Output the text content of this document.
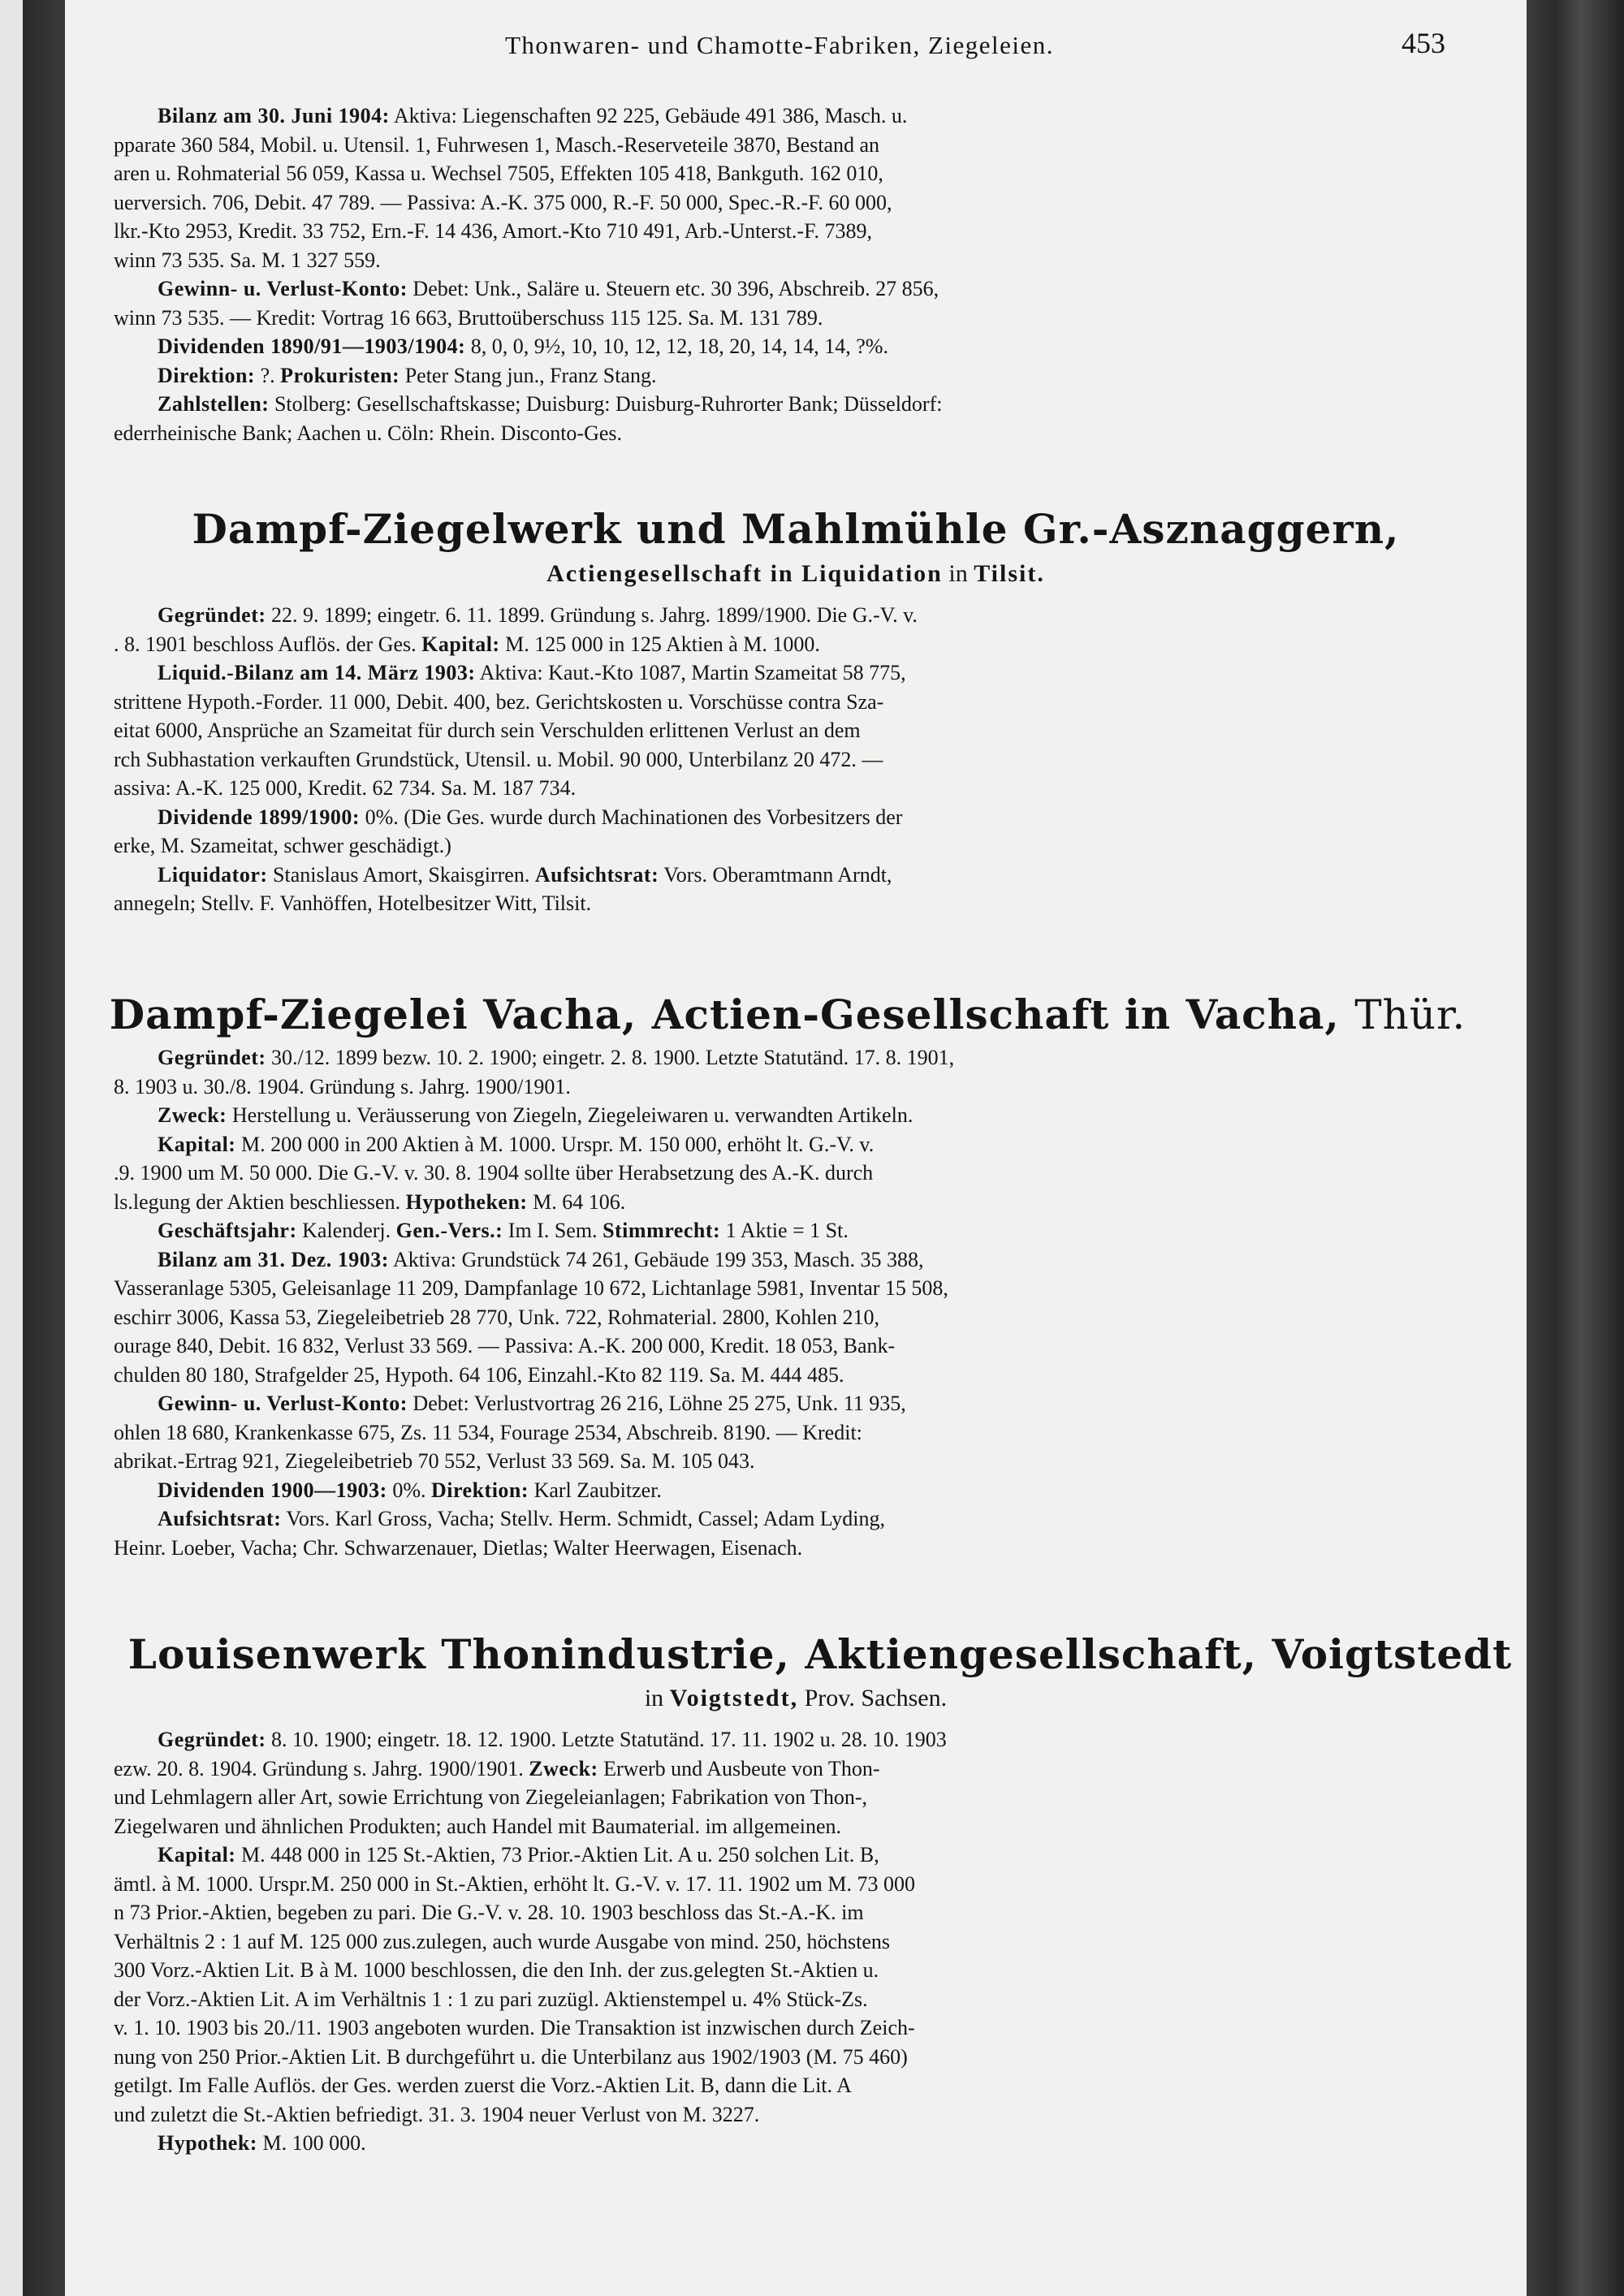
Thonwaren- und Chamotte-Fabriken, Ziegeleien.	453

Bilanz am 30. Juni 1904: Aktiva: Liegenschaften 92 225, Gebäude 491 386, Masch. u.

pparate 360 584, Mobil. u. Utensil. 1, Fuhrwesen 1, Masch.-Reserveteile 3870, Bestand an

aren u. Rohmaterial 56 059, Kassa u. Wechsel 7505, Effekten 105 418, Bankguth. 162 010,

uerversich. 706, Debit. 47 789. — Passiva: A.-K. 375 000, R.-F. 50 000, Spec.-R.-F. 60 000,

lkr.-Kto 2953, Kredit. 33 752, Ern.-F. 14 436, Amort.-Kto 710 491, Arb.-Unterst.-F. 7389,

winn 73 535. Sa. M. 1 327 559.

Gewinn- u. Verlust-Konto: Debet: Unk., Saläre u. Steuern etc. 30 396, Abschreib. 27 856,

winn 73 535. — Kredit: Vortrag 16 663, Bruttoüberschuss 115 125. Sa. M. 131 789.

Dividenden 1890/91—1903/1904: 8, 0, 0, 9½, 10, 10, 12, 12, 18, 20, 14, 14, 14, ?%.

Direktion: ?. Prokuristen: Peter Stang jun., Franz Stang.

Zahlstellen: Stolberg: Gesellschaftskasse; Duisburg: Duisburg-Ruhrorter Bank; Düsseldorf:

ederrheinische Bank; Aachen u. Cöln: Rhein. Disconto-Ges.

Dampf-Ziegelwerk und Mahlmühle Gr.-Asznaggern,
Actiengesellschaft in Liquidation in Tilsit.

Gegründet: 22. 9. 1899; eingetr. 6. 11. 1899. Gründung s. Jahrg. 1899/1900. Die G.-V. v.

. 8. 1901 beschloss Auflös. der Ges. Kapital: M. 125 000 in 125 Aktien à M. 1000.

Liquid.-Bilanz am 14. März 1903: Aktiva: Kaut.-Kto 1087, Martin Szameitat 58 775,

strittene Hypoth.-Forder. 11 000, Debit. 400, bez. Gerichtskosten u. Vorschüsse contra Sza-

eitat 6000, Ansprüche an Szameitat für durch sein Verschulden erlittenen Verlust an dem

rch Subhastation verkauften Grundstück, Utensil. u. Mobil. 90 000, Unterbilanz 20 472. —

assiva: A.-K. 125 000, Kredit. 62 734. Sa. M. 187 734.

Dividende 1899/1900: 0%. (Die Ges. wurde durch Machinationen des Vorbesitzers der

erke, M. Szameitat, schwer geschädigt.)

Liquidator: Stanislaus Amort, Skaisgirren. Aufsichtsrat: Vors. Oberamtmann Arndt,

annegeln; Stellv. F. Vanhöffen, Hotelbesitzer Witt, Tilsit.

Dampf-Ziegelei Vacha, Actien-Gesellschaft in Vacha, Thür.

Gegründet: 30./12. 1899 bezw. 10. 2. 1900; eingetr. 2. 8. 1900. Letzte Statutänd. 17. 8. 1901,

8. 1903 u. 30./8. 1904. Gründung s. Jahrg. 1900/1901.

Zweck: Herstellung u. Veräusserung von Ziegeln, Ziegeleiwaren u. verwandten Artikeln.

Kapital: M. 200 000 in 200 Aktien à M. 1000. Urspr. M. 150 000, erhöht lt. G.-V. v.

.9. 1900 um M. 50 000. Die G.-V. v. 30. 8. 1904 sollte über Herabsetzung des A.-K. durch

ls.legung der Aktien beschliessen. Hypotheken: M. 64 106.

Geschäftsjahr: Kalenderj. Gen.-Vers.: Im I. Sem. Stimmrecht: 1 Aktie = 1 St.

Bilanz am 31. Dez. 1903: Aktiva: Grundstück 74 261, Gebäude 199 353, Masch. 35 388,

Vasseranlage 5305, Geleisanlage 11 209, Dampfanlage 10 672, Lichtanlage 5981, Inventar 15 508,

eschirr 3006, Kassa 53, Ziegeleibetrieb 28 770, Unk. 722, Rohmaterial. 2800, Kohlen 210,

ourage 840, Debit. 16 832, Verlust 33 569. — Passiva: A.-K. 200 000, Kredit. 18 053, Bank-

chulden 80 180, Strafgelder 25, Hypoth. 64 106, Einzahl.-Kto 82 119. Sa. M. 444 485.

Gewinn- u. Verlust-Konto: Debet: Verlustvortrag 26 216, Löhne 25 275, Unk. 11 935,

ohlen 18 680, Krankenkasse 675, Zs. 11 534, Fourage 2534, Abschreib. 8190. — Kredit:

abrikat.-Ertrag 921, Ziegeleibetrieb 70 552, Verlust 33 569. Sa. M. 105 043.

Dividenden 1900—1903: 0%. Direktion: Karl Zaubitzer.

Aufsichtsrat: Vors. Karl Gross, Vacha; Stellv. Herm. Schmidt, Cassel; Adam Lyding,

Heinr. Loeber, Vacha; Chr. Schwarzenauer, Dietlas; Walter Heerwagen, Eisenach.

Louisenwerk Thonindustrie, Aktiengesellschaft, Voigtstedt
in Voigtstedt, Prov. Sachsen.

Gegründet: 8. 10. 1900; eingetr. 18. 12. 1900. Letzte Statutänd. 17. 11. 1902 u. 28. 10. 1903

ezw. 20. 8. 1904. Gründung s. Jahrg. 1900/1901. Zweck: Erwerb und Ausbeute von Thon-

und Lehmlagern aller Art, sowie Errichtung von Ziegeleianlagen; Fabrikation von Thon-,

Ziegelwaren und ähnlichen Produkten; auch Handel mit Baumaterial. im allgemeinen.

Kapital: M. 448 000 in 125 St.-Aktien, 73 Prior.-Aktien Lit. A u. 250 solchen Lit. B,

ämtl. à M. 1000. Urspr.M. 250 000 in St.-Aktien, erhöht lt. G.-V. v. 17. 11. 1902 um M. 73 000

n 73 Prior.-Aktien, begeben zu pari. Die G.-V. v. 28. 10. 1903 beschloss das St.-A.-K. im

Verhältnis 2 : 1 auf M. 125 000 zus.zulegen, auch wurde Ausgabe von mind. 250, höchstens

300 Vorz.-Aktien Lit. B à M. 1000 beschlossen, die den Inh. der zus.gelegten St.-Aktien u.

der Vorz.-Aktien Lit. A im Verhältnis 1 : 1 zu pari zuzügl. Aktienstempel u. 4% Stück-Zs.

v. 1. 10. 1903 bis 20./11. 1903 angeboten wurden. Die Transaktion ist inzwischen durch Zeich-

nung von 250 Prior.-Aktien Lit. B durchgeführt u. die Unterbilanz aus 1902/1903 (M. 75 460)

getilgt. Im Falle Auflös. der Ges. werden zuerst die Vorz.-Aktien Lit. B, dann die Lit. A

und zuletzt die St.-Aktien befriedigt. 31. 3. 1904 neuer Verlust von M. 3227.

Hypothek: M. 100 000.
